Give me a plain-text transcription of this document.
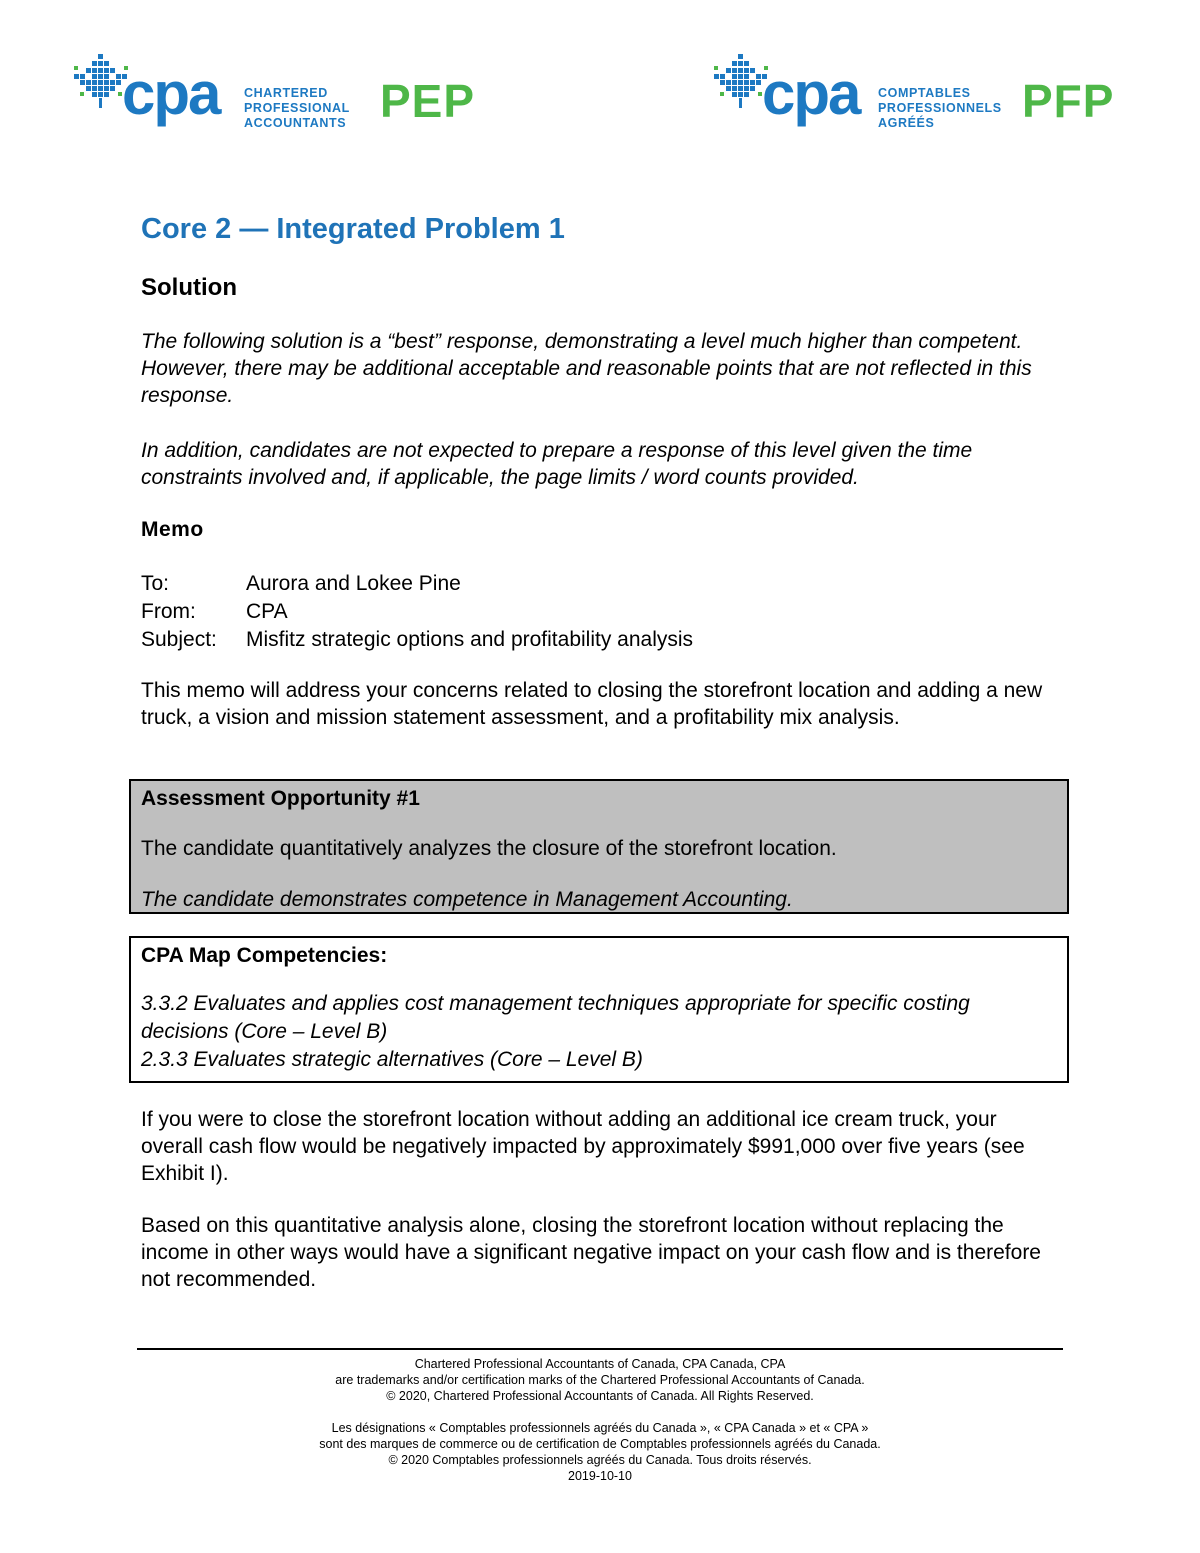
cpa CHARTERED
PROFESSIONAL
ACCOUNTANTS PEP	cpa COMPTABLES
PROFESSIONNELS
AGRÉÉS	PFP
Core 2 — Integrated Problem 1
Solution

The following solution is a “best” response, demonstrating a level much higher than competent. However, there may be additional acceptable and reasonable points that are not reflected in this response.

In addition, candidates are not expected to prepare a response of this level given the time constraints involved and, if applicable, the page limits / word counts provided.

Memo
To:	Aurora and Lokee Pine
From:	CPA
Subject:	Misfitz strategic options and profitability analysis

This memo will address your concerns related to closing the storefront location and adding a new truck, a vision and mission statement assessment, and a profitability mix analysis.

Assessment Opportunity #1

The candidate quantitatively analyzes the closure of the storefront location.

The candidate demonstrates competence in Management Accounting.

CPA Map Competencies:

3.3.2 Evaluates and applies cost management techniques appropriate for specific costing decisions (Core – Level B)

2.3.3 Evaluates strategic alternatives (Core – Level B)

If you were to close the storefront location without adding an additional ice cream truck, your overall cash flow would be negatively impacted by approximately $991,000 over five years (see Exhibit I).

Based on this quantitative analysis alone, closing the storefront location without replacing the income in other ways would have a significant negative impact on your cash flow and is therefore not recommended.

Chartered Professional Accountants of Canada, CPA Canada, CPA

are trademarks and/or certification marks of the Chartered Professional Accountants of Canada.

© 2020, Chartered Professional Accountants of Canada. All Rights Reserved.

Les désignations « Comptables professionnels agréés du Canada », « CPA Canada » et « CPA »

sont des marques de commerce ou de certification de Comptables professionnels agréés du Canada.

© 2020 Comptables professionnels agréés du Canada. Tous droits réservés.

2019-10-10
